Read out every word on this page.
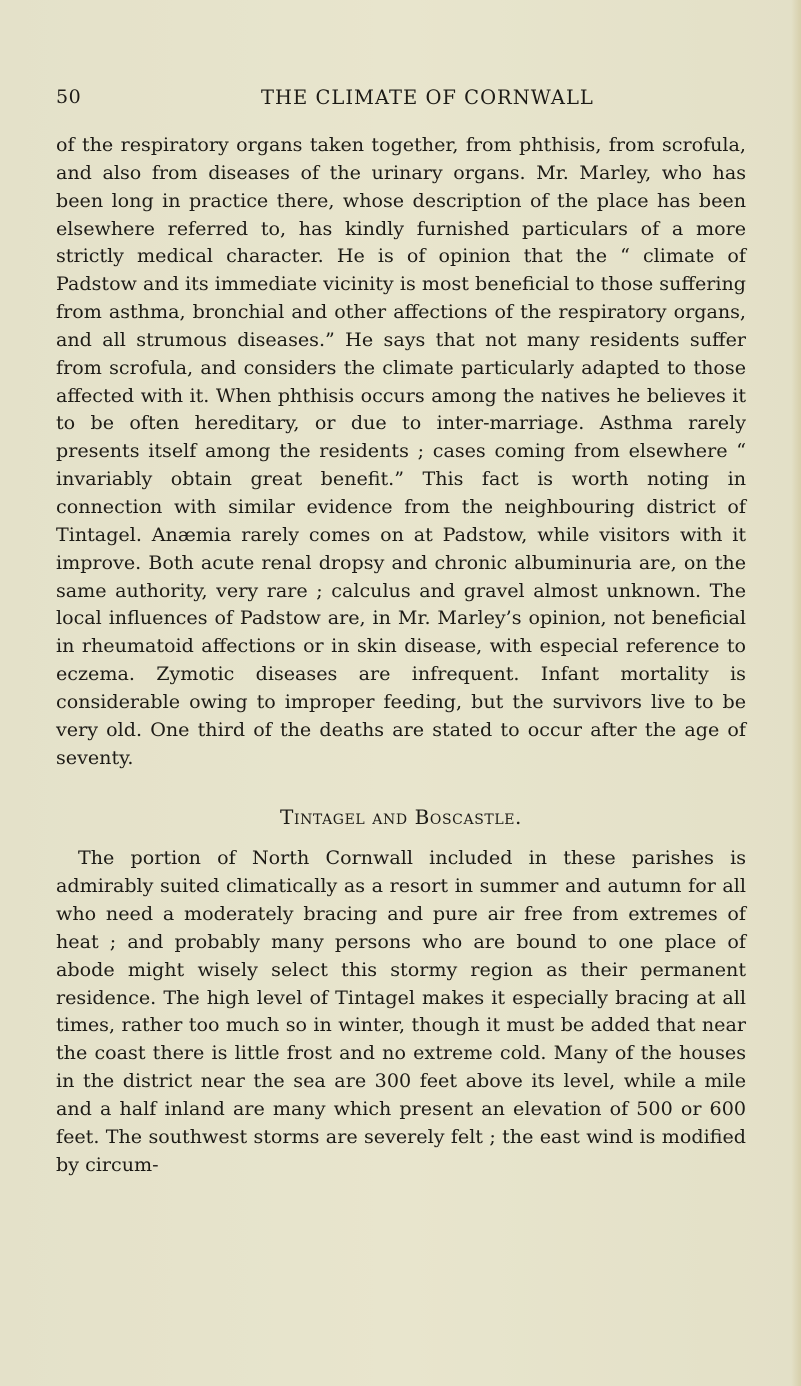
50	THE CLIMATE OF CORNWALL

of the respiratory organs taken together, from phthisis, from scrofula, and also from diseases of the urinary organs. Mr. Marley, who has been long in practice there, whose description of the place has been elsewhere referred to, has kindly furnished particulars of a more strictly medical character. He is of opinion that the “ climate of Padstow and its immediate vicinity is most beneficial to those suffering from asthma, bronchial and other affections of the respiratory organs, and all strumous diseases.” He says that not many residents suffer from scrofula, and considers the climate particularly adapted to those affected with it. When phthisis occurs among the natives he believes it to be often hereditary, or due to inter-marriage. Asthma rarely presents itself among the residents ; cases coming from elsewhere “ invariably obtain great benefit.” This fact is worth noting in connection with similar evidence from the neighbouring district of Tintagel. Anæmia rarely comes on at Padstow, while visitors with it improve. Both acute renal dropsy and chronic albuminuria are, on the same authority, very rare ; calculus and gravel almost unknown. The local influences of Padstow are, in Mr. Marley’s opinion, not beneficial in rheumatoid affections or in skin disease, with especial reference to eczema. Zymotic diseases are infrequent. Infant mortality is considerable owing to improper feeding, but the survivors live to be very old. One third of the deaths are stated to occur after the age of seventy.

Tintagel and Boscastle.

The portion of North Cornwall included in these parishes is admirably suited climatically as a resort in summer and autumn for all who need a moderately bracing and pure air free from extremes of heat ; and probably many persons who are bound to one place of abode might wisely select this stormy region as their permanent residence. The high level of Tintagel makes it especially bracing at all times, rather too much so in winter, though it must be added that near the coast there is little frost and no extreme cold. Many of the houses in the district near the sea are 300 feet above its level, while a mile and a half inland are many which present an elevation of 500 or 600 feet. The southwest storms are severely felt ; the east wind is modified by circum-
